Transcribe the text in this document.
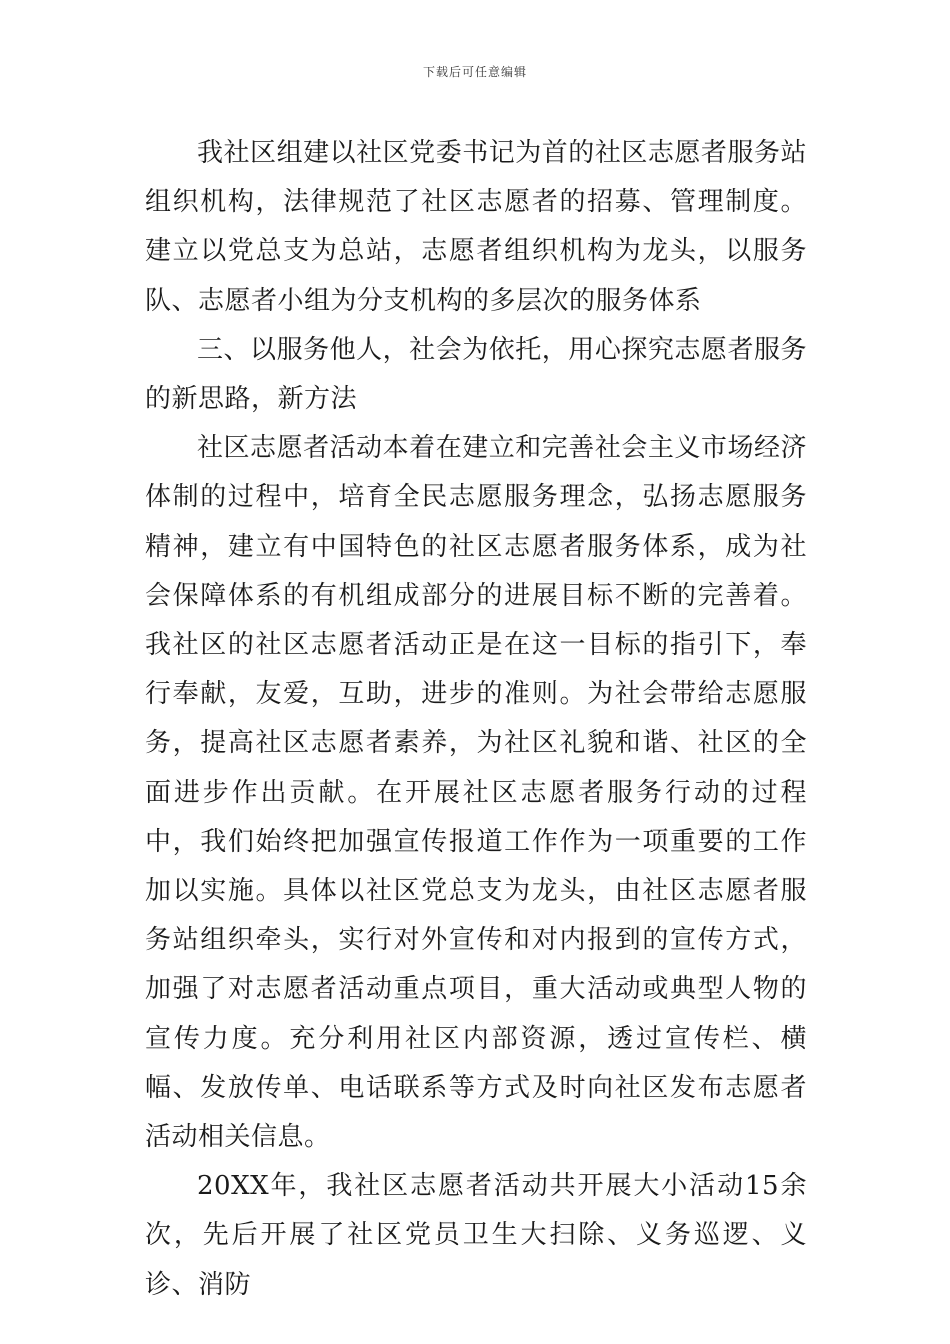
下载后可任意编辑

我社区组建以社区党委书记为首的社区志愿者服务站组织机构，法律规范了社区志愿者的招募、管理制度。建立以党总支为总站，志愿者组织机构为龙头，以服务队、志愿者小组为分支机构的多层次的服务体系

三、以服务他人，社会为依托，用心探究志愿者服务的新思路，新方法

社区志愿者活动本着在建立和完善社会主义市场经济体制的过程中，培育全民志愿服务理念，弘扬志愿服务精神，建立有中国特色的社区志愿者服务体系，成为社会保障体系的有机组成部分的进展目标不断的完善着。我社区的社区志愿者活动正是在这一目标的指引下，奉行奉献，友爱，互助，进步的准则。为社会带给志愿服务，提高社区志愿者素养，为社区礼貌和谐、社区的全面进步作出贡献。在开展社区志愿者服务行动的过程中，我们始终把加强宣传报道工作作为一项重要的工作加以实施。具体以社区党总支为龙头，由社区志愿者服务站组织牵头，实行对外宣传和对内报到的宣传方式，加强了对志愿者活动重点项目，重大活动或典型人物的宣传力度。充分利用社区内部资源，透过宣传栏、横幅、发放传单、电话联系等方式及时向社区发布志愿者活动相关信息。

20XX年，我社区志愿者活动共开展大小活动15余次，先后开展了社区党员卫生大扫除、义务巡逻、义诊、消防
